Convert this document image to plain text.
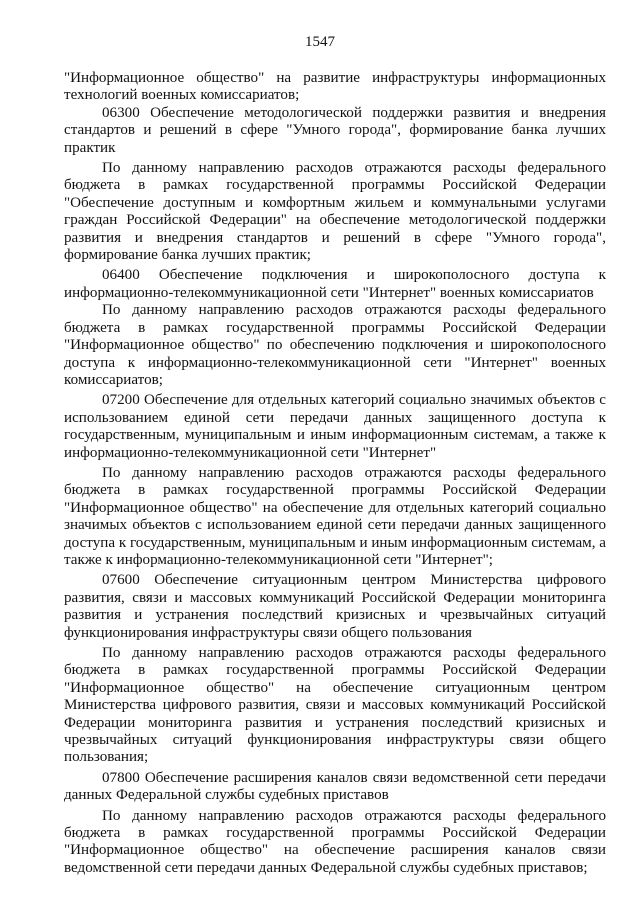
1547

"Информационное общество" на развитие инфраструктуры информационных технологий военных комиссариатов;

06300 Обеспечение методологической поддержки развития и внедрения стандартов и решений в сфере "Умного города", формирование банка лучших практик

По данному направлению расходов отражаются расходы федерального бюджета в рамках государственной программы Российской Федерации "Обеспечение доступным и комфортным жильем и коммунальными услугами граждан Российской Федерации" на обеспечение методологической поддержки развития и внедрения стандартов и решений в сфере "Умного города", формирование банка лучших практик;

06400 Обеспечение подключения и широкополосного доступа к информационно-телекоммуникационной сети "Интернет" военных комиссариатов

По данному направлению расходов отражаются расходы федерального бюджета в рамках государственной программы Российской Федерации "Информационное общество" по обеспечению подключения и широкополосного доступа к информационно-телекоммуникационной сети "Интернет" военных комиссариатов;

07200 Обеспечение для отдельных категорий социально значимых объектов с использованием единой сети передачи данных защищенного доступа к государственным, муниципальным и иным информационным системам, а также к информационно-телекоммуникационной сети "Интернет"

По данному направлению расходов отражаются расходы федерального бюджета в рамках государственной программы Российской Федерации "Информационное общество" на обеспечение для отдельных категорий социально значимых объектов с использованием единой сети передачи данных защищенного доступа к государственным, муниципальным и иным информационным системам, а также к информационно-телекоммуникационной сети "Интернет";

07600 Обеспечение ситуационным центром Министерства цифрового развития, связи и массовых коммуникаций Российской Федерации мониторинга развития и устранения последствий кризисных и чрезвычайных ситуаций функционирования инфраструктуры связи общего пользования

По данному направлению расходов отражаются расходы федерального бюджета в рамках государственной программы Российской Федерации "Информационное общество" на обеспечение ситуационным центром Министерства цифрового развития, связи и массовых коммуникаций Российской Федерации мониторинга развития и устранения последствий кризисных и чрезвычайных ситуаций функционирования инфраструктуры связи общего пользования;

07800 Обеспечение расширения каналов связи ведомственной сети передачи данных Федеральной службы судебных приставов

По данному направлению расходов отражаются расходы федерального бюджета в рамках государственной программы Российской Федерации "Информационное общество" на обеспечение расширения каналов связи ведомственной сети передачи данных Федеральной службы судебных приставов;
